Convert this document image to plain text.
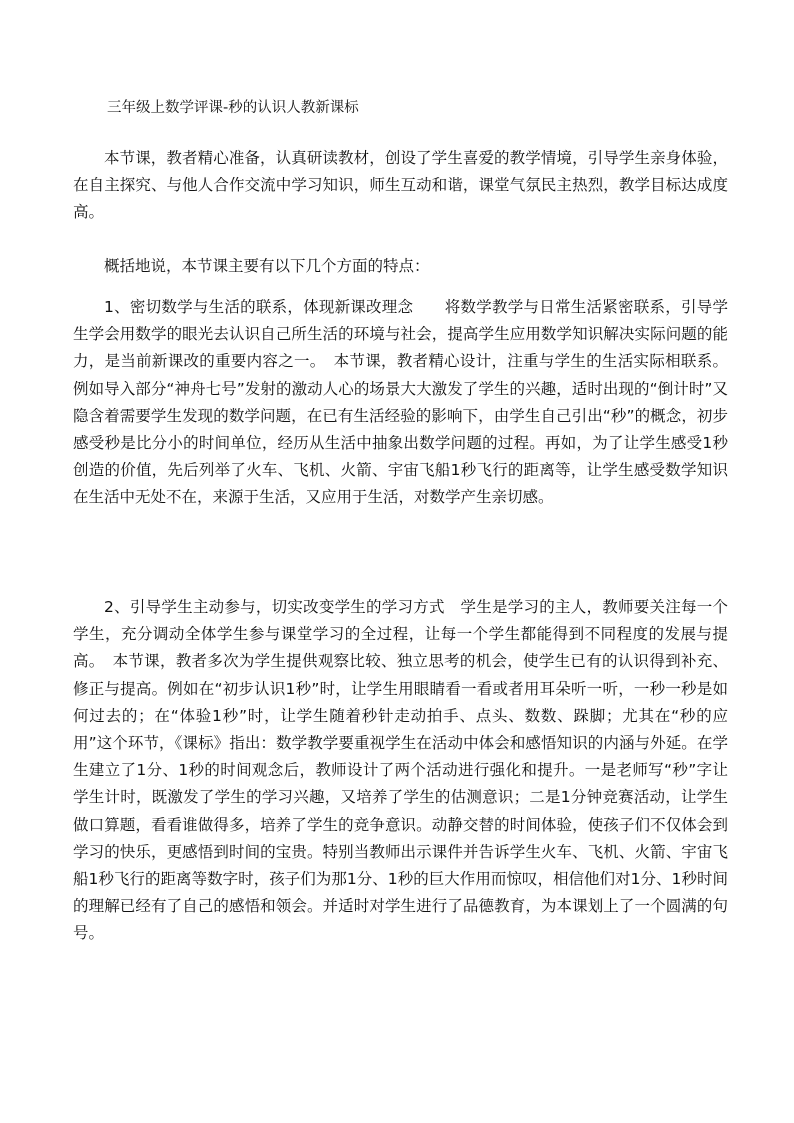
三年级上数学评课-秒的认识人教新课标

本节课，教者精心准备，认真研读教材，创设了学生喜爱的教学情境，引导学生亲身体验，在自主探究、与他人合作交流中学习知识，师生互动和谐，课堂气氛民主热烈，教学目标达成度高。

概括地说，本节课主要有以下几个方面的特点：

1、密切数学与生活的联系，体现新课改理念　　将数学教学与日常生活紧密联系，引导学生学会用数学的眼光去认识自己所生活的环境与社会，提高学生应用数学知识解决实际问题的能力，是当前新课改的重要内容之一。　本节课，教者精心设计，注重与学生的生活实际相联系。例如导入部分“神舟七号”发射的激动人心的场景大大激发了学生的兴趣，适时出现的“倒计时”又隐含着需要学生发现的数学问题，在已有生活经验的影响下，由学生自己引出“秒”的概念，初步感受秒是比分小的时间单位，经历从生活中抽象出数学问题的过程。再如，为了让学生感受1秒创造的价值，先后列举了火车、飞机、火箭、宇宙飞船1秒飞行的距离等，让学生感受数学知识在生活中无处不在，来源于生活，又应用于生活，对数学产生亲切感。

2、引导学生主动参与，切实改变学生的学习方式　学生是学习的主人，教师要关注每一个学生，充分调动全体学生参与课堂学习的全过程，让每一个学生都能得到不同程度的发展与提高。　本节课，教者多次为学生提供观察比较、独立思考的机会，使学生已有的认识得到补充、修正与提高。例如在“初步认识1秒”时，让学生用眼睛看一看或者用耳朵听一听，一秒一秒是如何过去的；在“体验1秒”时，让学生随着秒针走动拍手、点头、数数、跺脚；尤其在“秒的应用”这个环节，《课标》指出：数学教学要重视学生在活动中体会和感悟知识的内涵与外延。在学生建立了1分、1秒的时间观念后，教师设计了两个活动进行强化和提升。一是老师写“秒”字让学生计时，既激发了学生的学习兴趣，又培养了学生的估测意识；二是1分钟竞赛活动，让学生做口算题，看看谁做得多，培养了学生的竞争意识。动静交替的时间体验，使孩子们不仅体会到学习的快乐，更感悟到时间的宝贵。特别当教师出示课件并告诉学生火车、飞机、火箭、宇宙飞船1秒飞行的距离等数字时，孩子们为那1分、1秒的巨大作用而惊叹，相信他们对1分、1秒时间的理解已经有了自己的感悟和领会。并适时对学生进行了品德教育，为本课划上了一个圆满的句号。
